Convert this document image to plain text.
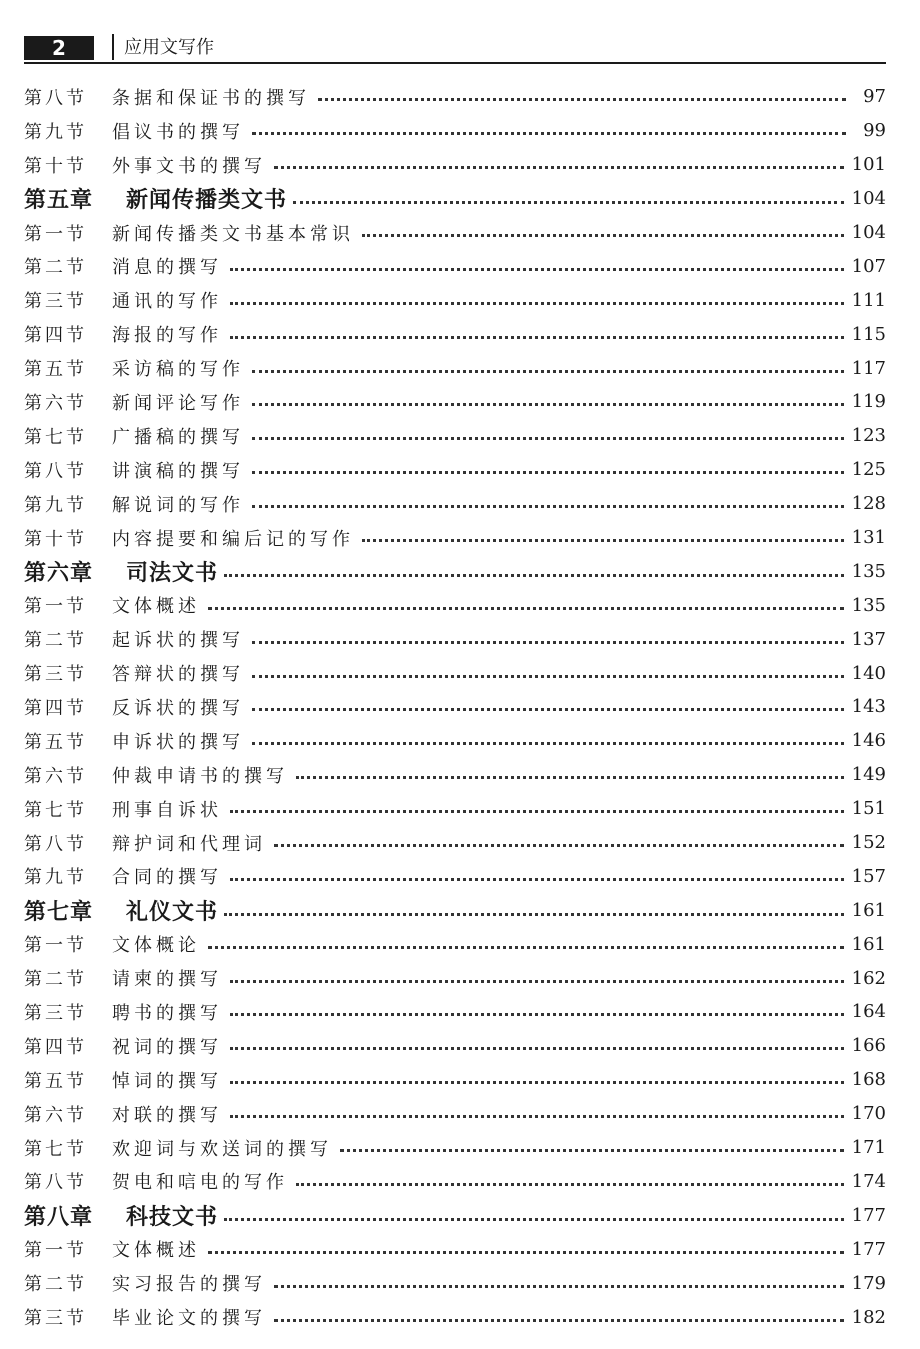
2	应用文写作
第八节	条据和保证书的撰写	97
第九节	倡议书的撰写	99
第十节	外事文书的撰写	101
第五章	新闻传播类文书	104
第一节	新闻传播类文书基本常识	104
第二节	消息的撰写	107
第三节	通讯的写作	111
第四节	海报的写作	115
第五节	采访稿的写作	117
第六节	新闻评论写作	119
第七节	广播稿的撰写	123
第八节	讲演稿的撰写	125
第九节	解说词的写作	128
第十节	内容提要和编后记的写作	131
第六章	司法文书	135
第一节	文体概述	135
第二节	起诉状的撰写	137
第三节	答辩状的撰写	140
第四节	反诉状的撰写	143
第五节	申诉状的撰写	146
第六节	仲裁申请书的撰写	149
第七节	刑事自诉状	151
第八节	辩护词和代理词	152
第九节	合同的撰写	157
第七章	礼仪文书	161
第一节	文体概论	161
第二节	请柬的撰写	162
第三节	聘书的撰写	164
第四节	祝词的撰写	166
第五节	悼词的撰写	168
第六节	对联的撰写	170
第七节	欢迎词与欢送词的撰写	171
第八节	贺电和唁电的写作	174
第八章	科技文书	177
第一节	文体概述	177
第二节	实习报告的撰写	179
第三节	毕业论文的撰写	182
